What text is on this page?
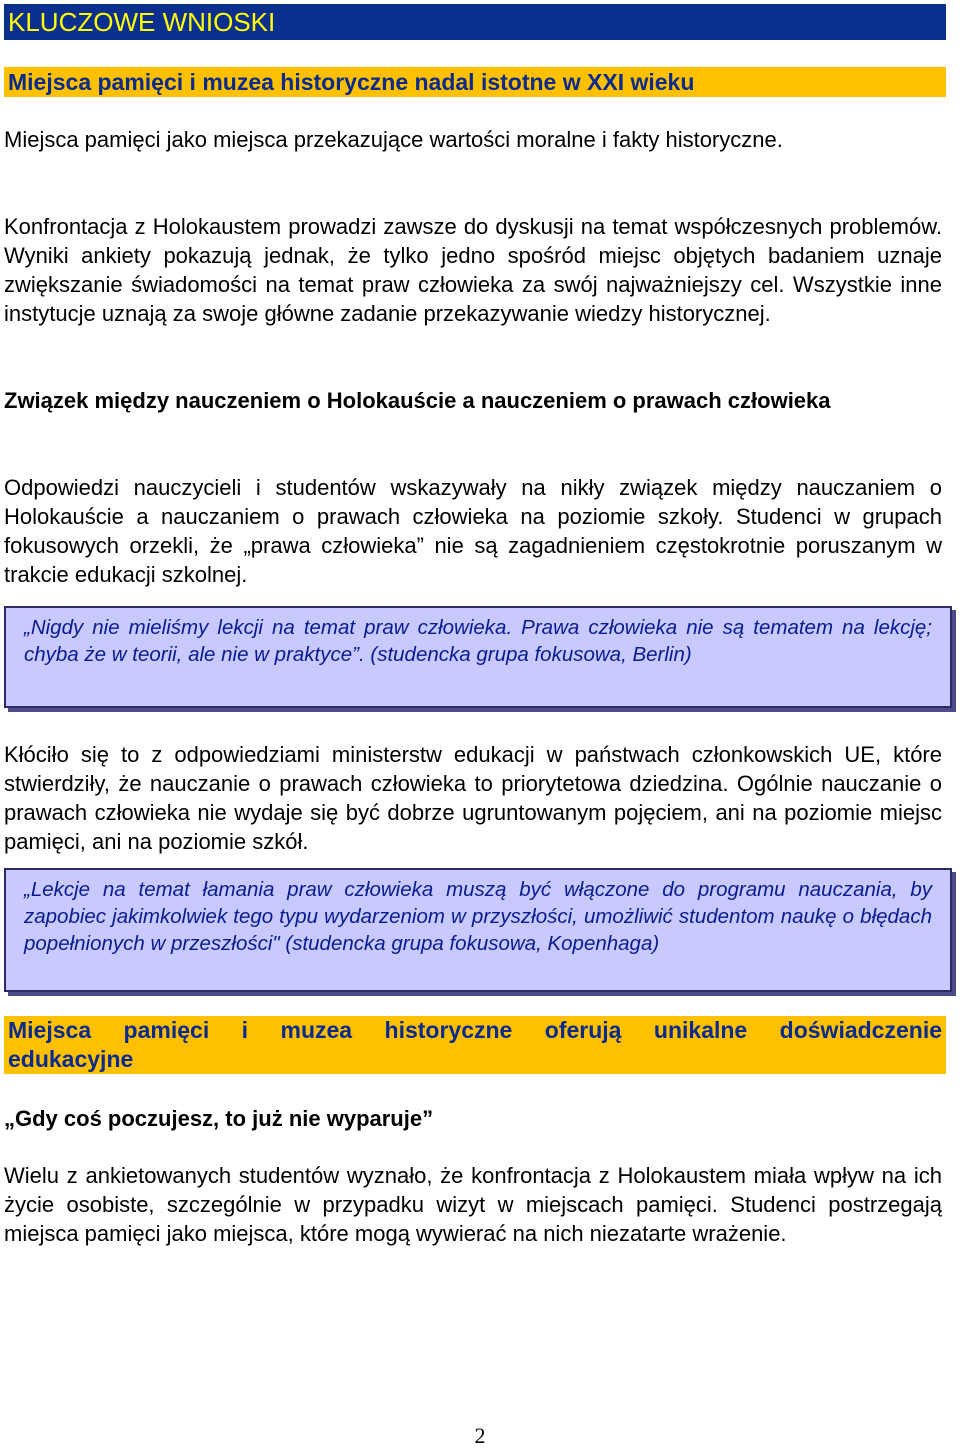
KLUCZOWE WNIOSKI
Miejsca pamięci i muzea historyczne nadal istotne w XXI wieku

Miejsca pamięci jako miejsca przekazujące wartości moralne i fakty historyczne.

Konfrontacja z Holokaustem prowadzi zawsze do dyskusji na temat współczesnych problemów. Wyniki ankiety pokazują jednak, że tylko jedno spośród miejsc objętych badaniem uznaje zwiększanie świadomości na temat praw człowieka za swój najważniejszy cel. Wszystkie inne instytucje uznają za swoje główne zadanie przekazywanie wiedzy historycznej.

Związek między nauczeniem o Holokauście a nauczeniem o prawach człowieka

Odpowiedzi nauczycieli i studentów wskazywały na nikły związek między nauczaniem o Holokauście a nauczaniem o prawach człowieka na poziomie szkoły. Studenci w grupach fokusowych orzekli, że „prawa człowieka” nie są zagadnieniem częstokrotnie poruszanym w trakcie edukacji szkolnej.

„Nigdy nie mieliśmy lekcji na temat praw człowieka. Prawa człowieka nie są tematem na lekcję; chyba że w teorii, ale nie w praktyce”. (studencka grupa fokusowa, Berlin)

Kłóciło się to z odpowiedziami ministerstw edukacji w państwach członkowskich UE, które stwierdziły, że nauczanie o prawach człowieka to priorytetowa dziedzina. Ogólnie nauczanie o prawach człowieka nie wydaje się być dobrze ugruntowanym pojęciem, ani na poziomie miejsc pamięci, ani na poziomie szkół.

„Lekcje na temat łamania praw człowieka muszą być włączone do programu nauczania, by zapobiec jakimkolwiek tego typu wydarzeniom w przyszłości, umożliwić studentom naukę o błędach popełnionych w przeszłości" (studencka grupa fokusowa, Kopenhaga)
Miejsca pamięci i muzea historyczne oferują unikalne doświadczenie
edukacyjne

„Gdy coś poczujesz, to już nie wyparuje”

Wielu z ankietowanych studentów wyznało, że konfrontacja z Holokaustem miała wpływ na ich życie osobiste, szczególnie w przypadku wizyt w miejscach pamięci. Studenci postrzegają miejsca pamięci jako miejsca, które mogą wywierać na nich niezatarte wrażenie.

2
